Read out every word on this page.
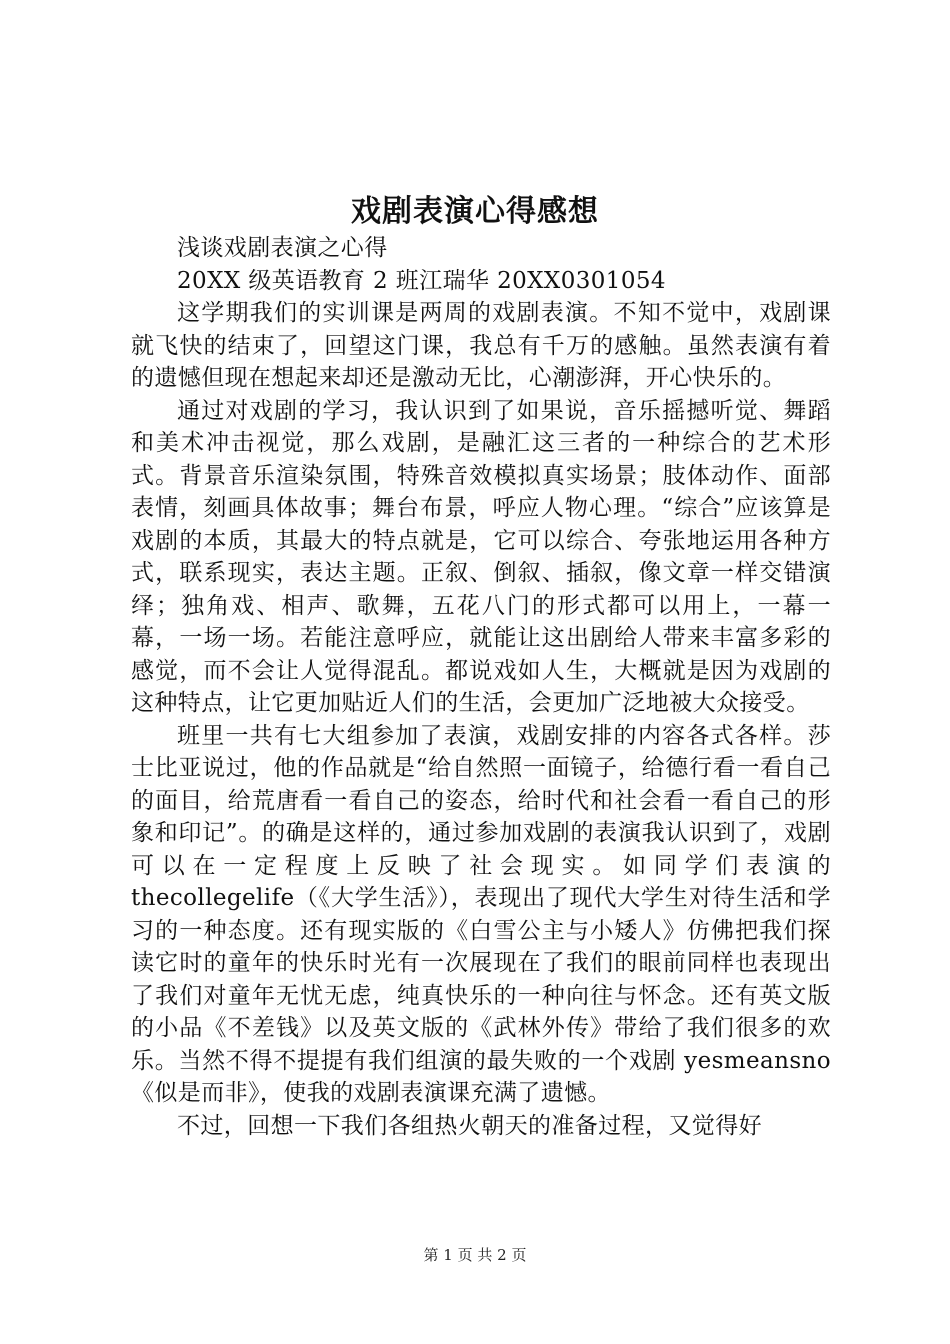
戏剧表演心得感想
浅谈戏剧表演之心得
20XX 级英语教育 2 班江瑞华 20XX0301054

这学期我们的实训课是两周的戏剧表演。不知不觉中，戏剧课就飞快的结束了，回望这门课，我总有千万的感触。虽然表演有着的遗憾但现在想起来却还是激动无比，心潮澎湃，开心快乐的。

通过对戏剧的学习，我认识到了如果说，音乐摇撼听觉、舞蹈和美术冲击视觉，那么戏剧，是融汇这三者的一种综合的艺术形式。背景音乐渲染氛围，特殊音效模拟真实场景；肢体动作、面部表情，刻画具体故事；舞台布景，呼应人物心理。“综合”应该算是戏剧的本质，其最大的特点就是，它可以综合、夸张地运用各种方式，联系现实，表达主题。正叙、倒叙、插叙，像文章一样交错演绎；独角戏、相声、歌舞，五花八门的形式都可以用上，一幕一幕，一场一场。若能注意呼应，就能让这出剧给人带来丰富多彩的感觉，而不会让人觉得混乱。都说戏如人生，大概就是因为戏剧的这种特点，让它更加贴近人们的生活，会更加广泛地被大众接受。

班里一共有七大组参加了表演，戏剧安排的内容各式各样。莎士比亚说过，他的作品就是“给自然照一面镜子，给德行看一看自己的面目，给荒唐看一看自己的姿态，给时代和社会看一看自己的形象和印记”。的确是这样的，通过参加戏剧的表演我认识到了，戏剧可以在一定程度上反映了社会现实。如同学们表演的 thecollegelife（《大学生活》），表现出了现代大学生对待生活和学习的一种态度。还有现实版的《白雪公主与小矮人》仿佛把我们探读它时的童年的快乐时光有一次展现在了我们的眼前同样也表现出了我们对童年无忧无虑，纯真快乐的一种向往与怀念。还有英文版的小品《不差钱》以及英文版的《武林外传》带给了我们很多的欢乐。当然不得不提提有我们组演的最失败的一个戏剧 yesmeansno《似是而非》，使我的戏剧表演课充满了遗憾。

不过，回想一下我们各组热火朝天的准备过程，又觉得好

第 1 页 共 2 页
